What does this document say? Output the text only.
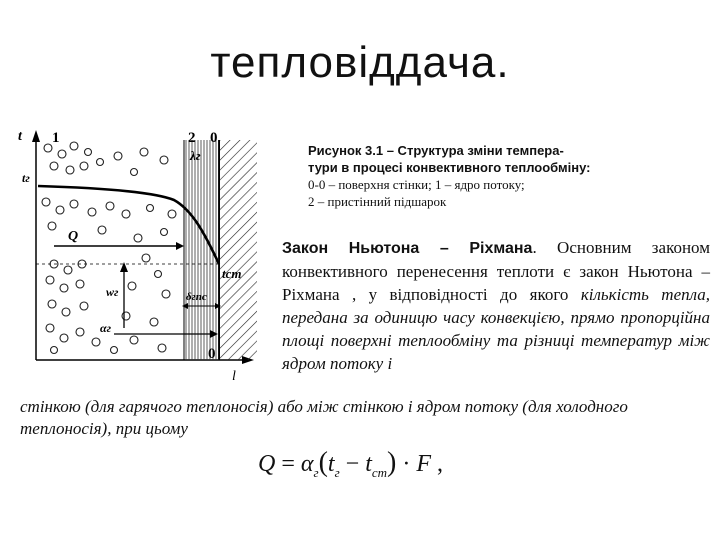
тепловіддача.
t 1	2 0
0
tг
tст
λг
Q
wг	δгпс
αг
l
Рисунок 3.1 – Структура зміни темпера-
тури в процесі конвективного теплообміну:
0-0 – поверхня стінки; 1 – ядро потоку;
2 – пристінний підшарок
Закон Ньютона – Ріхмана. Основним законом конвективного перенесення теплоти є закон Ньютона – Ріхмана , у відповідності до якого кількість тепла, передана за одиницю часу конвекцією, прямо пропорційна площі поверхні теплообміну та різниці температур між ядром потоку і
стінкою (для гарячого теплоносія) або між стінкою і ядром потоку (для холодного теплоносія), при цьому
$Q = \alpha_г(t_г - t_{ст}) \cdot F$ ,
